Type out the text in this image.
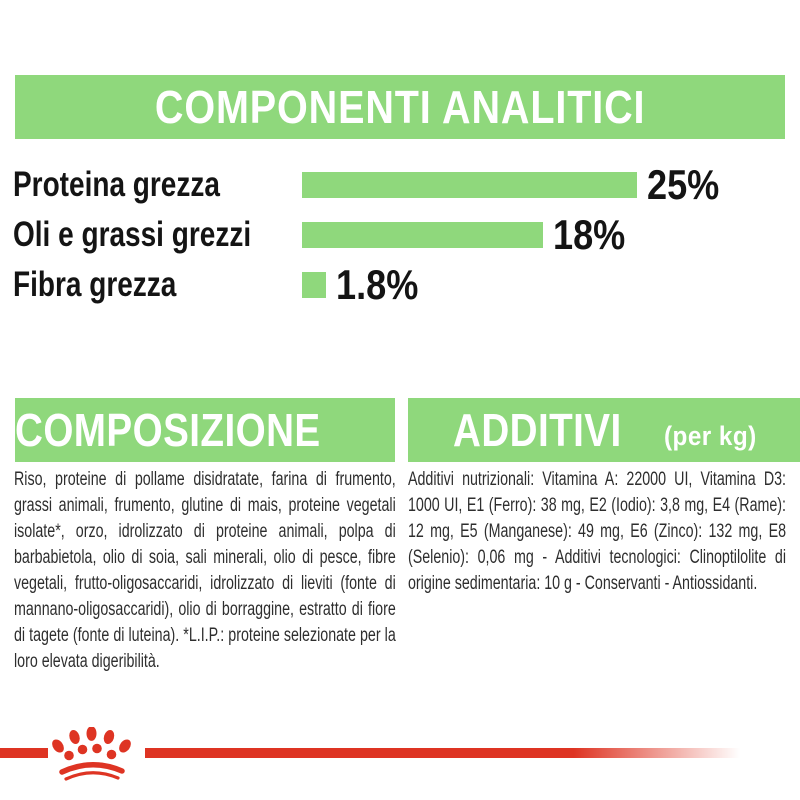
COMPONENTI ANALITICI
Proteina grezza	25%
Oli e grassi grezzi	18%
Fibra grezza	1.8%
COMPOSIZIONE

Riso, proteine di pollame disidratate, farina di frumento, grassi animali, frumento, glutine di mais, proteine vegetali isolate*, orzo, idrolizzato di proteine animali, polpa di barbabietola, olio di soia, sali minerali, olio di pesce, fibre vegetali, frutto-oligosaccaridi, idrolizzato di lieviti (fonte di mannano-oligosaccaridi), olio di borraggine, estratto di fiore di tagete (fonte di luteina). *L.I.P.: proteine selezionate per la loro elevata digeribilità.

ADDITIVI (per kg)

Additivi nutrizionali: Vitamina A: 22000 UI, Vitamina D3: 1000 UI, E1 (Ferro): 38 mg, E2 (Iodio): 3,8 mg, E4 (Rame): 12 mg, E5 (Manganese): 49 mg, E6 (Zinco): 132 mg, E8 (Selenio): 0,06 mg - Additivi tecnologici: Clinoptilolite di origine sedimentaria: 10 g - Conservanti - Antiossidanti.
